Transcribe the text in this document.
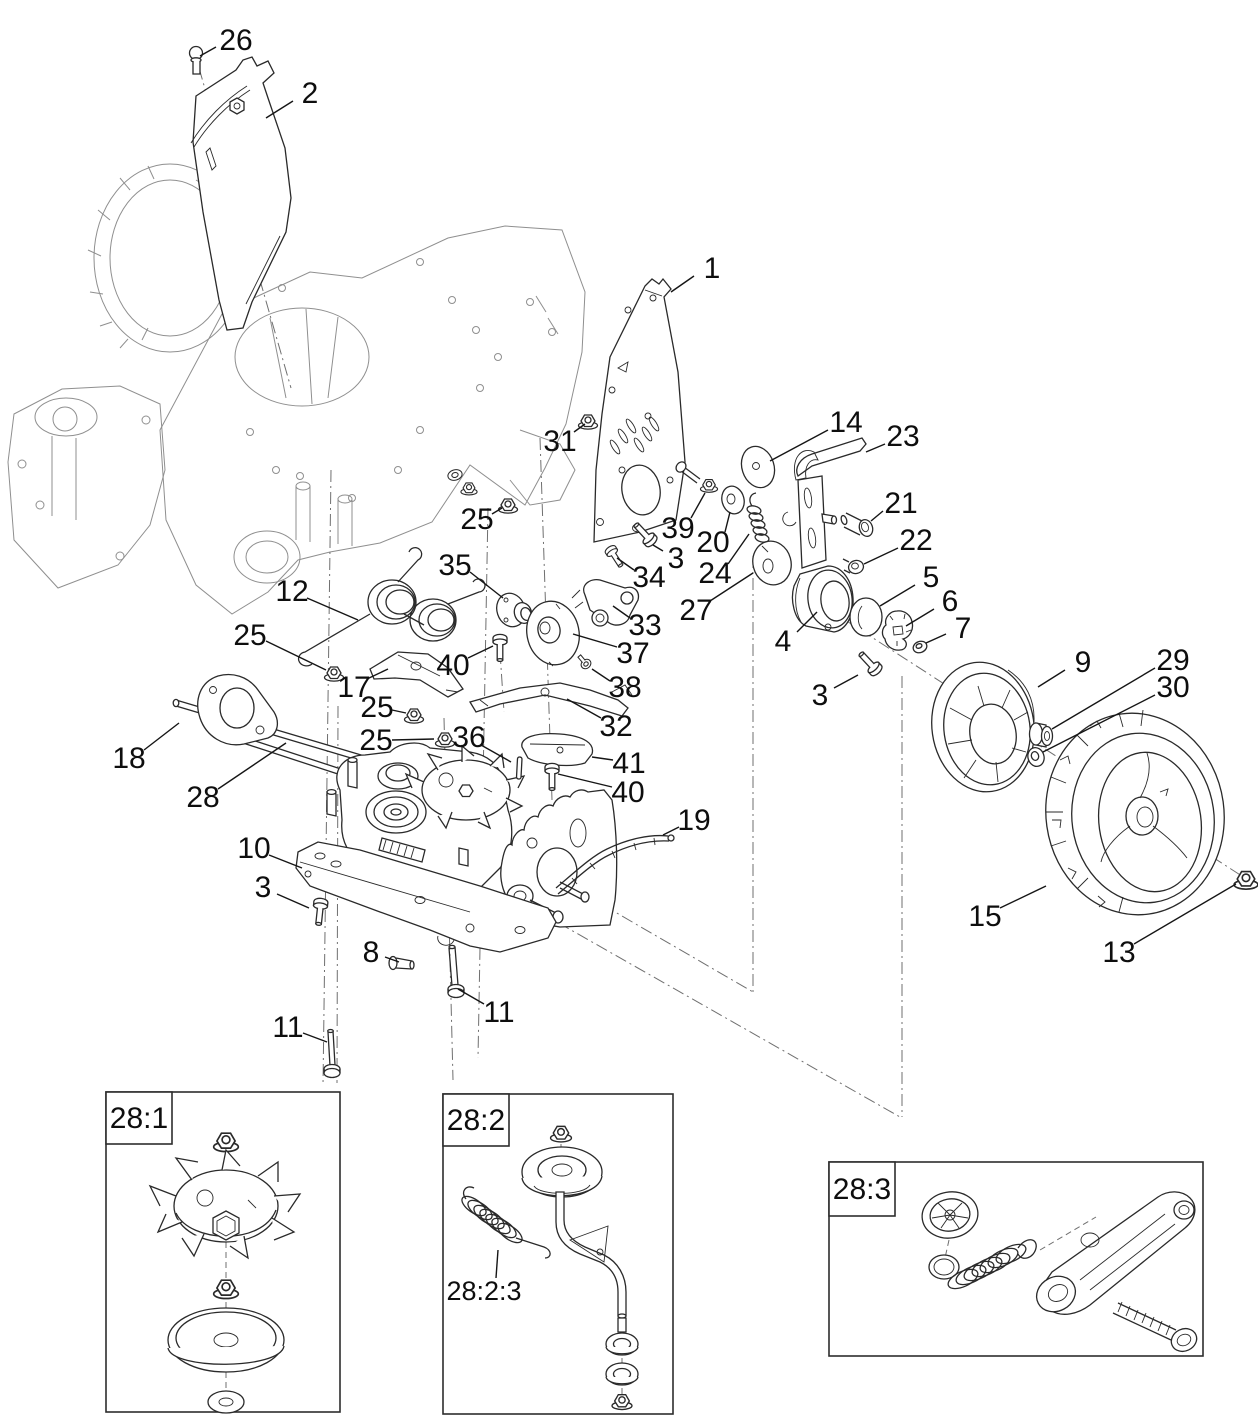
28:1	28:2
28:3
26
2
1
31
25
14 23
21
22
5
6
7
4
3
3
39 20
24
27
34
33
37
38
35
12
25
17
25
25 36
40
32
41
40
19
18
28
10
3
8
11
11
9 29
30
15
13
28:2:3
